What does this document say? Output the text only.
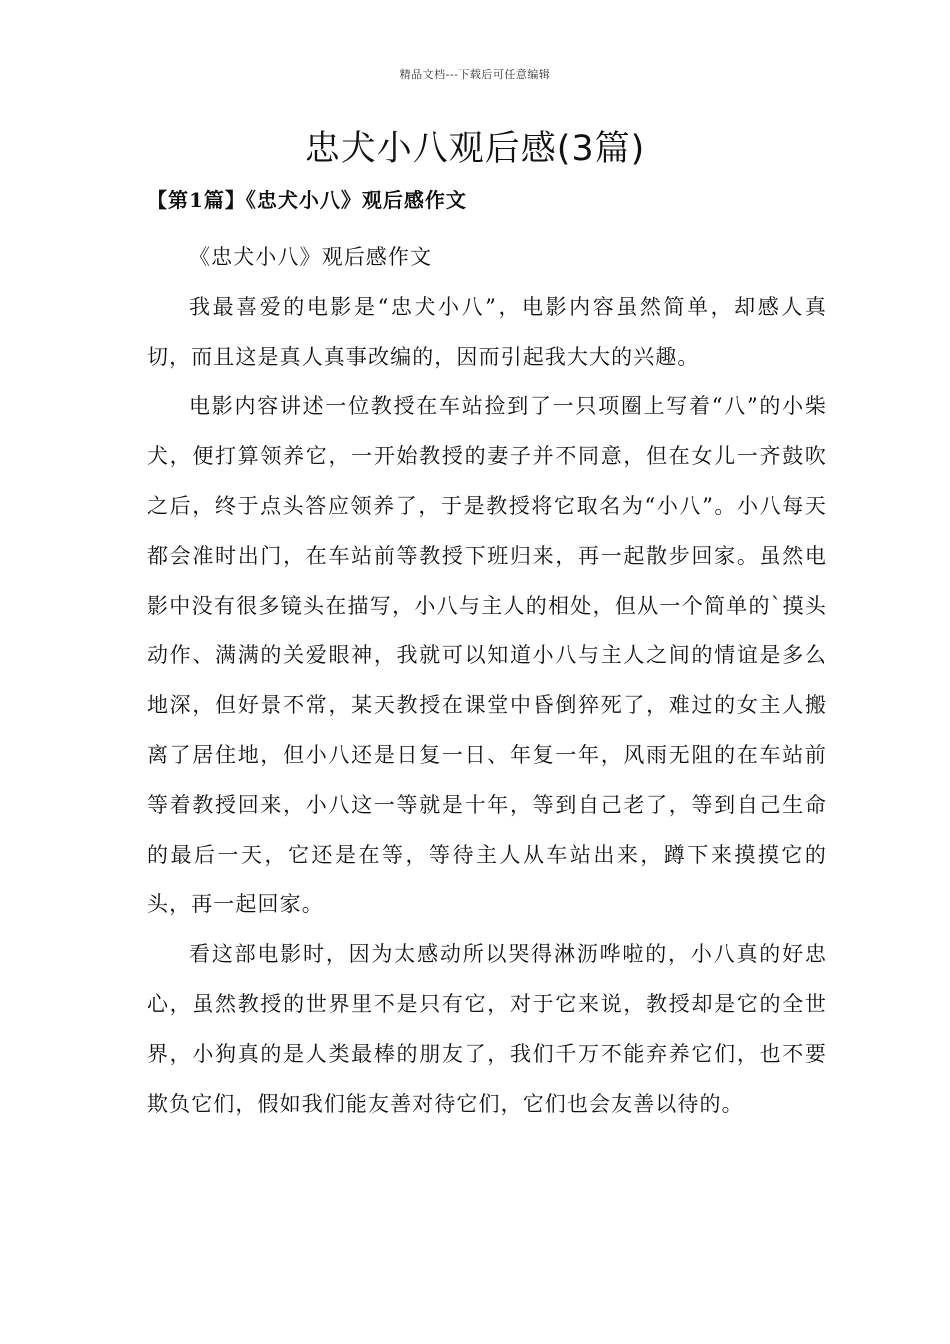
精品文档---下载后可任意编辑
忠犬小八观后感(3篇)
【第1篇】《忠犬小八》观后感作文

《忠犬小八》观后感作文

我最喜爱的电影是“忠犬小八”，电影内容虽然简单，却感人真切，而且这是真人真事改编的，因而引起我大大的兴趣。

电影内容讲述一位教授在车站捡到了一只项圈上写着“八”的小柴犬，便打算领养它，一开始教授的妻子并不同意，但在女儿一齐鼓吹之后，终于点头答应领养了，于是教授将它取名为“小八”。小八每天都会准时出门，在车站前等教授下班归来，再一起散步回家。虽然电影中没有很多镜头在描写，小八与主人的相处，但从一个简单的`摸头动作、满满的关爱眼神，我就可以知道小八与主人之间的情谊是多么地深，但好景不常，某天教授在课堂中昏倒猝死了，难过的女主人搬离了居住地，但小八还是日复一日、年复一年，风雨无阻的在车站前等着教授回来，小八这一等就是十年，等到自己老了，等到自己生命的最后一天，它还是在等，等待主人从车站出来，蹲下来摸摸它的头，再一起回家。

看这部电影时，因为太感动所以哭得淋沥哗啦的，小八真的好忠心，虽然教授的世界里不是只有它，对于它来说，教授却是它的全世界，小狗真的是人类最棒的朋友了，我们千万不能弃养它们，也不要欺负它们，假如我们能友善对待它们，它们也会友善以待的。
